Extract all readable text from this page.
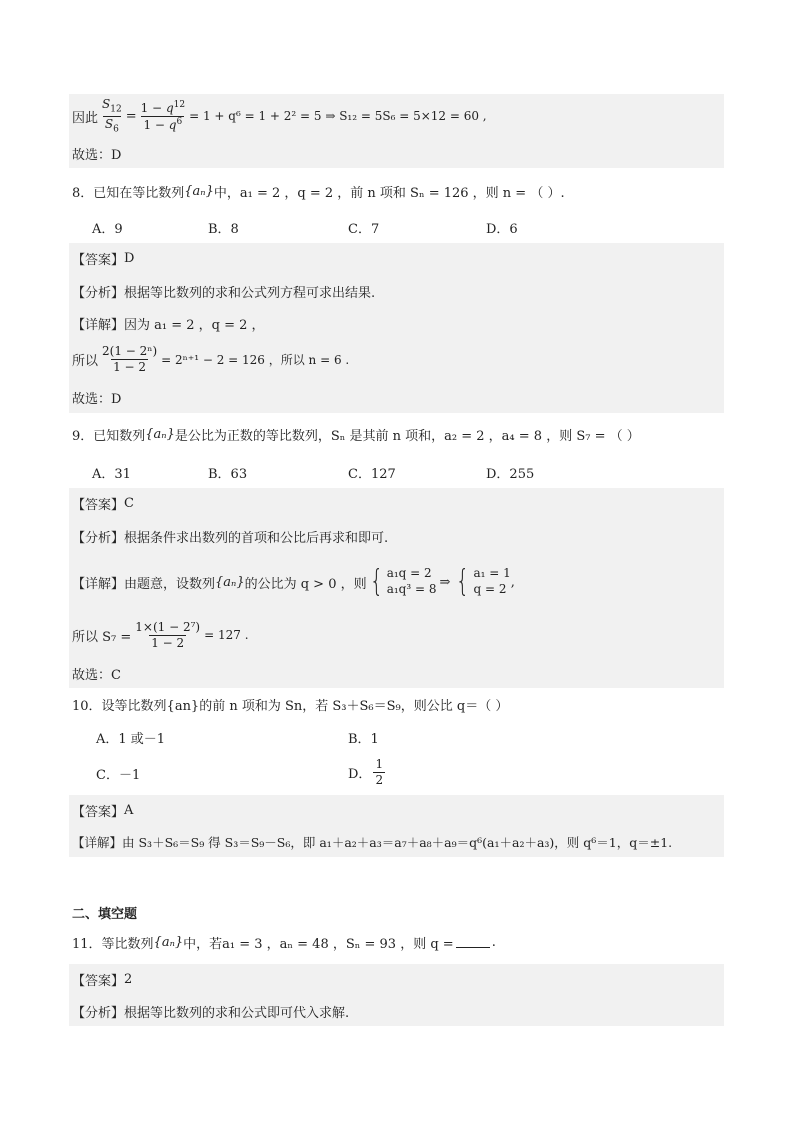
因此 $\frac{S_{12}}{S_6} = \frac{1 - q^{12}}{1 - q^6} = 1 + q^6 = 1 + 2^2 = 5$ ⇒ S₁₂ = 5S₆ = 5×12 = 60 ,
故选：D
8．已知在等比数列 {aₙ} 中， a₁ = 2 ，q = 2 ，前 n 项和 Sₙ = 126 ，则 n = （ ）.
A．9	B．8	C．7	D．6
【答案】 D
【分析】 根据等比数列的求和公式列方程可求出结果.
【详解】 因为 a₁ = 2 ，q = 2 ，
所以 $\frac{\text{2(1 − 2ⁿ)}}{1 - 2} = 2^{n+1} - 2 = 126$ ，所以 n = 6 .
故选：D
9．已知数列 {aₙ} 是公比为正数的等比数列， Sₙ 是其前 n 项和，a₂ = 2 ，a₄ = 8 ，则 S₇ = （ ）
A．31	B．63	C．127	D．255
【答案】 C
【分析】 根据条件求出数列的首项和公比后再求和即可.
【详解】 由题意，设数列 {aₙ} 的公比为 q > 0 ，则 { a₁q = 2
a₁q³ = 8 ⇒ { a₁ = 1
q = 2 ,
所以 $S_7 = \frac{\text{1×(1 − 2⁷)}}{1 - 2} = 127$ .
故选：C
10．设等比数列{an}的前 n 项和为 Sn，若 S₃＋S₆＝S₉，则公比 q＝（ ）
A．1 或－1	B．1
C．－1	D． $\frac{1}{2}$
【答案】 A
【详解】 由 S₃＋S₆＝S₉ 得 S₃＝S₉－S₆，即 a₁＋a₂＋a₃＝a₇＋a₈＋a₉＝q⁶(a₁＋a₂＋a₃)，则 q⁶＝1，q＝±1.
二、填空题
11．等比数列 {aₙ} 中，若 a₁ = 3 ，aₙ = 48 ，Sₙ = 93 ，则 q =	.
【答案】 2
【分析】 根据等比数列的求和公式即可代入求解.
